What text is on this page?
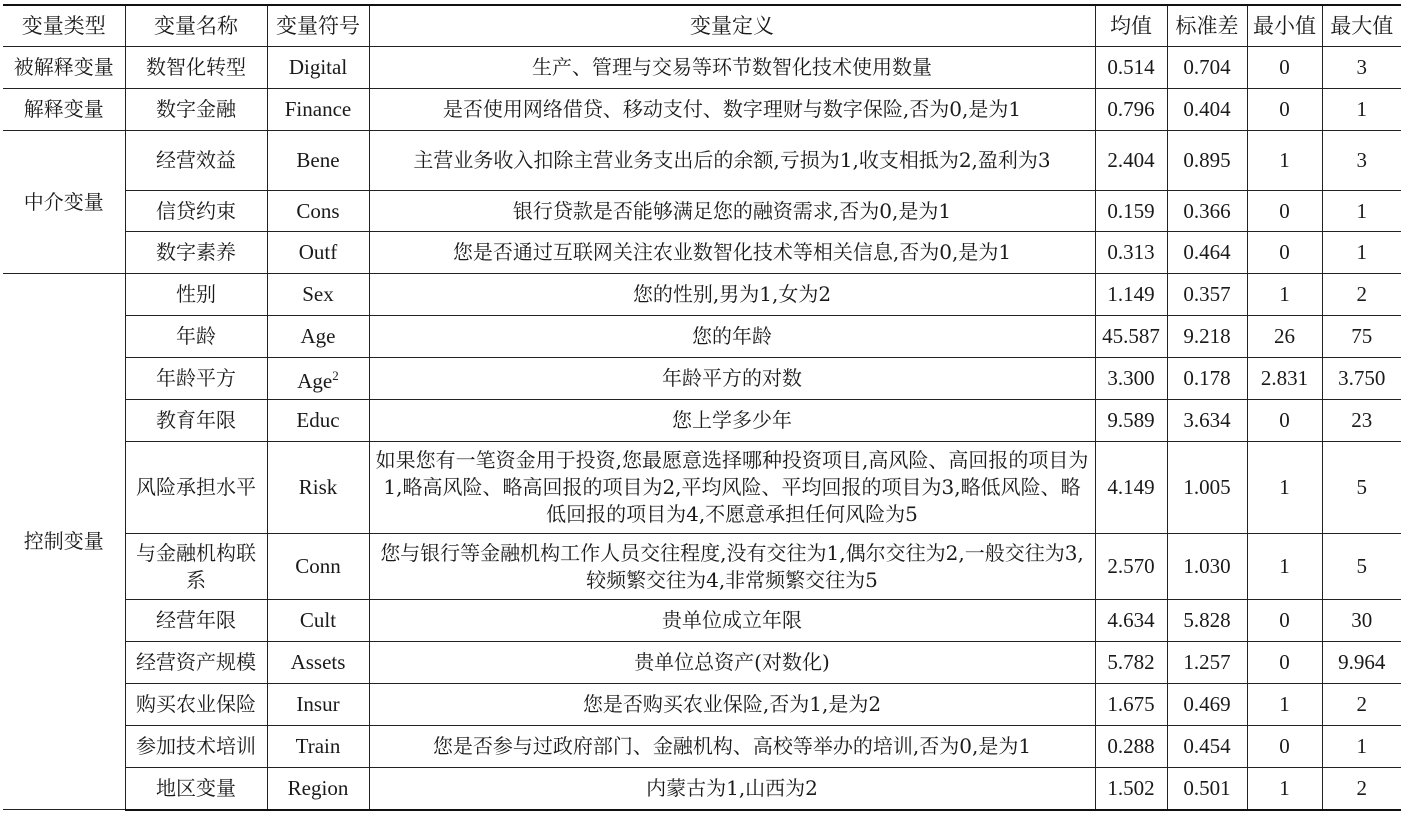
变量类型	变量名称	变量符号	变量定义	均值	标准差	最小值	最大值
被解释变量	数智化转型	Digital	生产、管理与交易等环节数智化技术使用数量	0.514	0.704	0	3
解释变量	数字金融	Finance	是否使用网络借贷、移动支付、数字理财与数字保险,否为0,是为1	0.796	0.404	0	1
中介变量	经营效益	Bene	主营业务收入扣除主营业务支出后的余额,亏损为1,收支相抵为2,盈利为3	2.404	0.895	1	3
	信贷约束	Cons	银行贷款是否能够满足您的融资需求,否为0,是为1	0.159	0.366	0	1
	数字素养	Outf	您是否通过互联网关注农业数智化技术等相关信息,否为0,是为1	0.313	0.464	0	1
控制变量	性别	Sex	您的性别,男为1,女为2	1.149	0.357	1	2
	年龄	Age	您的年龄	45.587	9.218	26	75
	年龄平方	Age$^2$	年龄平方的对数	3.300	0.178	2.831	3.750
	教育年限	Educ	您上学多少年	9.589	3.634	0	23
	风险承担水平	Risk	如果您有一笔资金用于投资,您最愿意选择哪种投资项目,高风险、高回报的项目为1,略高风险、略高回报的项目为2,平均风险、平均回报的项目为3,略低风险、略低回报的项目为4,不愿意承担任何风险为5	4.149	1.005	1	5
	与金融机构联系	Conn	您与银行等金融机构工作人员交往程度,没有交往为1,偶尔交往为2,一般交往为3,较频繁交往为4,非常频繁交往为5	2.570	1.030	1	5
	经营年限	Cult	贵单位成立年限	4.634	5.828	0	30
	经营资产规模	Assets	贵单位总资产(对数化)	5.782	1.257	0	9.964
	购买农业保险	Insur	您是否购买农业保险,否为1,是为2	1.675	0.469	1	2
	参加技术培训	Train	您是否参与过政府部门、金融机构、高校等举办的培训,否为0,是为1	0.288	0.454	0	1
	地区变量	Region	内蒙古为1,山西为2	1.502	0.501	1	2
